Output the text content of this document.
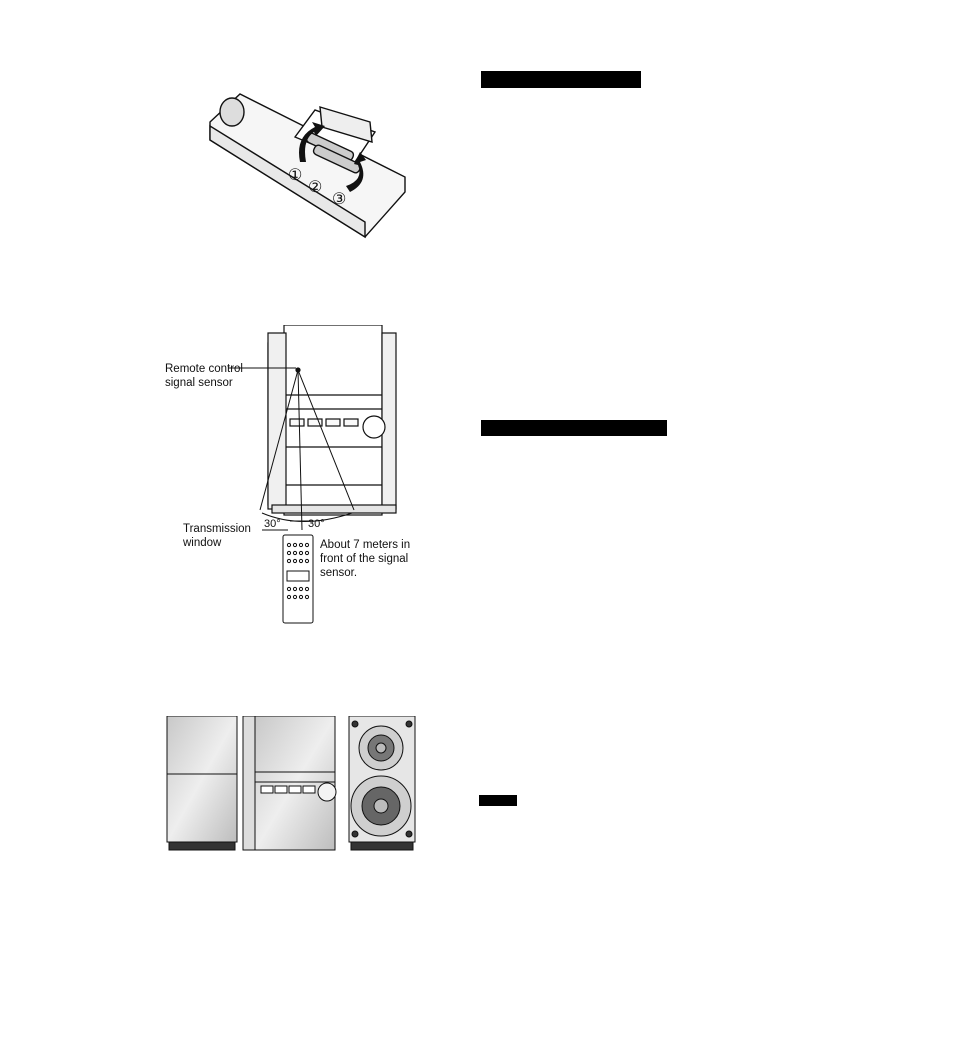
①
②
③
30° 30°
Remote control
signal sensor
Transmission
window	About 7 meters in
front of the signal
sensor.
